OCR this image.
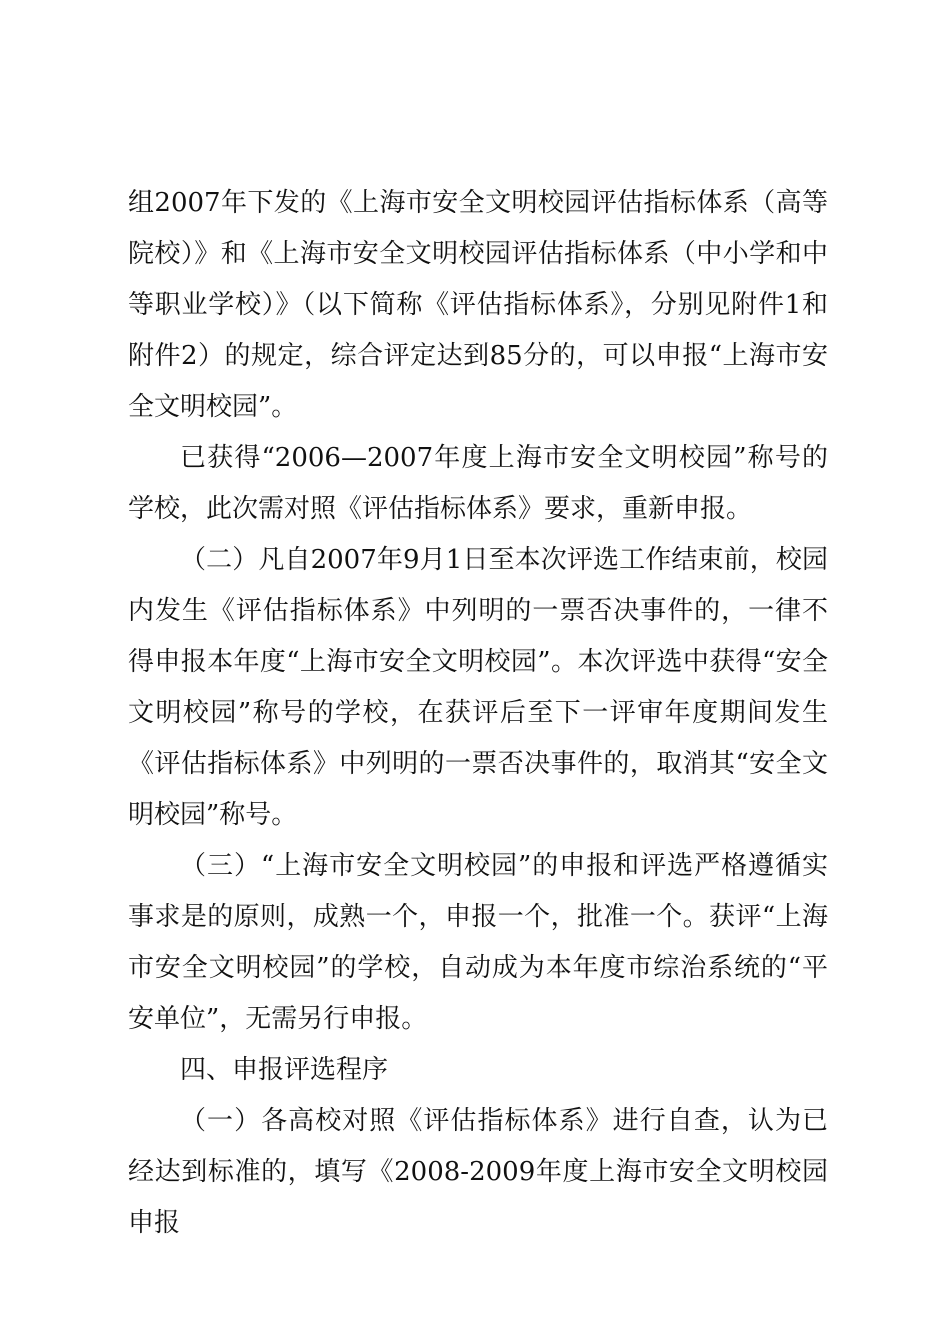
组2007年下发的《上海市安全文明校园评估指标体系（高等院校）》和《上海市安全文明校园评估指标体系（中小学和中等职业学校）》（以下简称《评估指标体系》，分别见附件1和附件2）的规定，综合评定达到85分的，可以申报“上海市安全文明校园”。

已获得“2006—2007年度上海市安全文明校园”称号的学校，此次需对照《评估指标体系》要求，重新申报。

（二）凡自2007年9月1日至本次评选工作结束前，校园内发生《评估指标体系》中列明的一票否决事件的，一律不得申报本年度“上海市安全文明校园”。本次评选中获得“安全文明校园”称号的学校，在获评后至下一评审年度期间发生《评估指标体系》中列明的一票否决事件的，取消其“安全文明校园”称号。

（三）“上海市安全文明校园”的申报和评选严格遵循实事求是的原则，成熟一个，申报一个，批准一个。获评“上海市安全文明校园”的学校，自动成为本年度市综治系统的“平安单位”，无需另行申报。

四、申报评选程序

（一）各高校对照《评估指标体系》进行自查，认为已经达到标准的，填写《2008-2009年度上海市安全文明校园申报
